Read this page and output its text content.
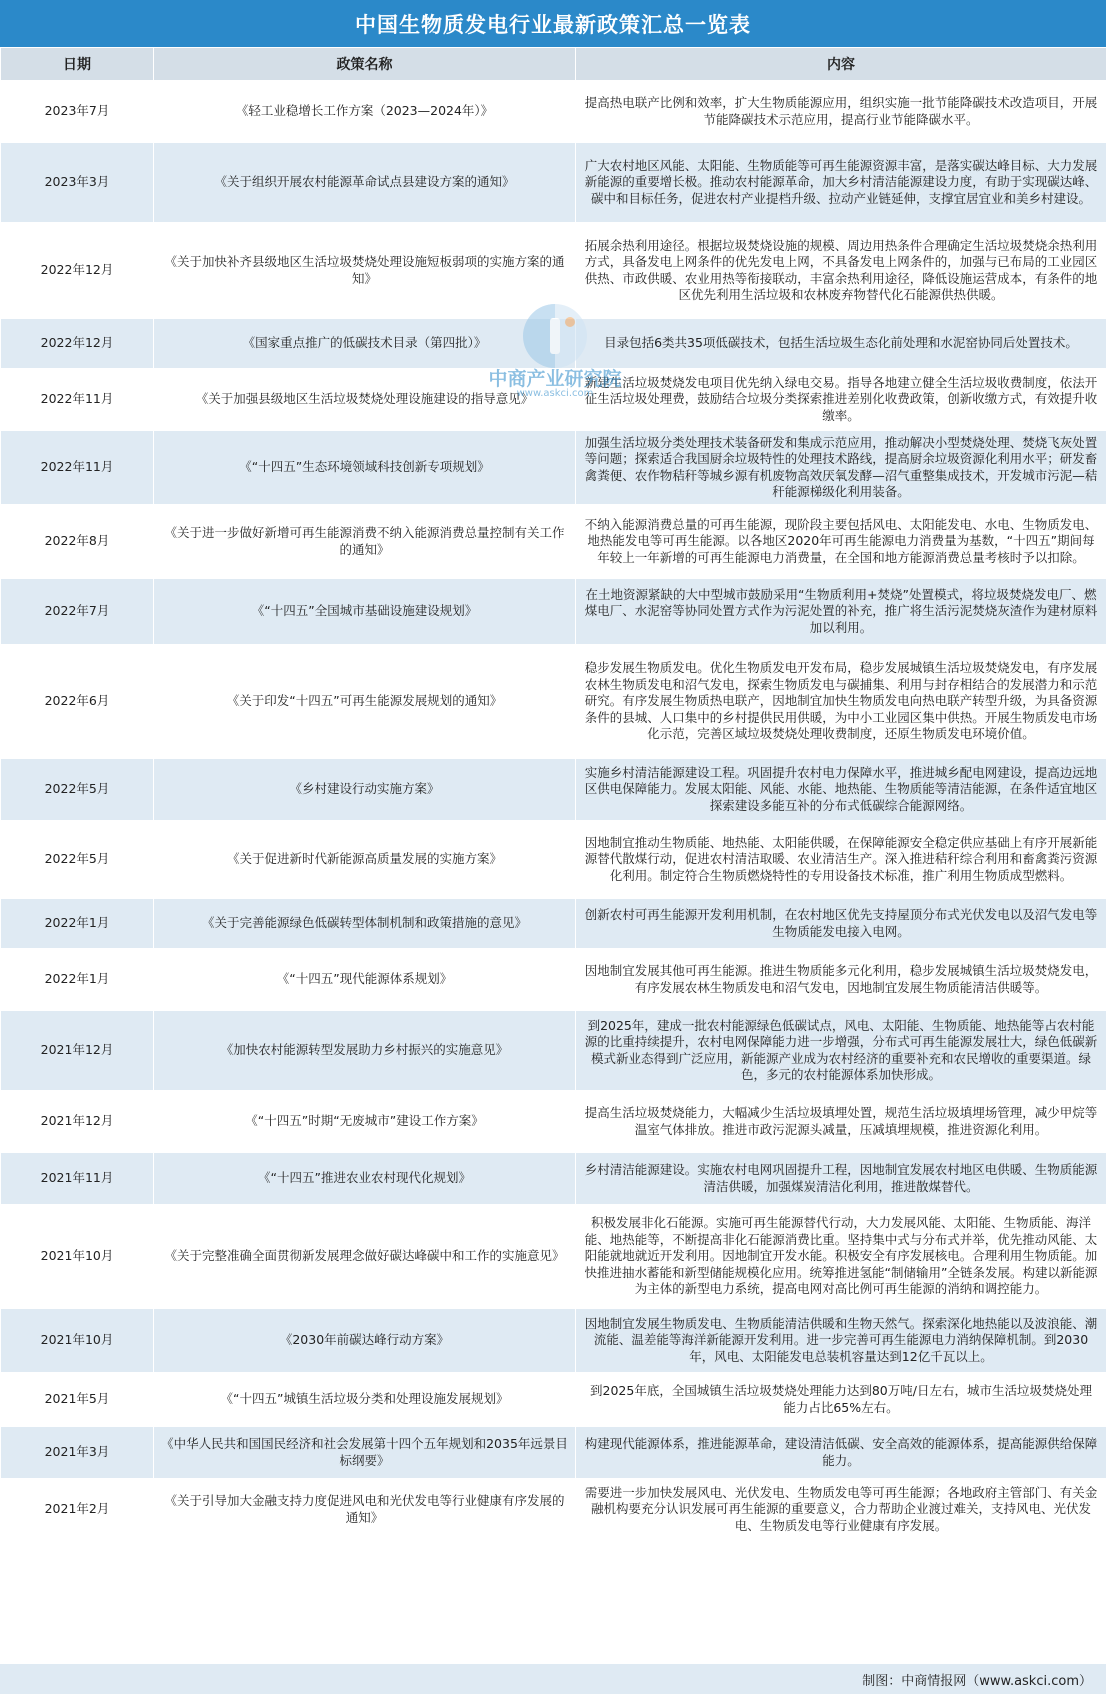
中国生物质发电行业最新政策汇总一览表
日期	政策名称	内容
2023年7月	《轻工业稳增长工作方案（2023—2024年）》	提高热电联产比例和效率，扩大生物质能源应用，组织实施一批节能降碳技术改造项目，开展节能降碳技术示范应用，提高行业节能降碳水平。
2023年3月	《关于组织开展农村能源革命试点县建设方案的通知》	广大农村地区风能、太阳能、生物质能等可再生能源资源丰富，是落实碳达峰目标、大力发展新能源的重要增长极。推动农村能源革命，加大乡村清洁能源建设力度，有助于实现碳达峰、碳中和目标任务，促进农村产业提档升级、拉动产业链延伸，支撑宜居宜业和美乡村建设。
2022年12月	《关于加快补齐县级地区生活垃圾焚烧处理设施短板弱项的实施方案的通知》	拓展余热利用途径。根据垃圾焚烧设施的规模、周边用热条件合理确定生活垃圾焚烧余热利用方式，具备发电上网条件的优先发电上网，不具备发电上网条件的，加强与已布局的工业园区供热、市政供暖、农业用热等衔接联动，丰富余热利用途径，降低设施运营成本，有条件的地区优先利用生活垃圾和农林废弃物替代化石能源供热供暖。
2022年12月	《国家重点推广的低碳技术目录（第四批）》	目录包括6类共35项低碳技术，包括生活垃圾生态化前处理和水泥窑协同后处置技术。
2022年11月	《关于加强县级地区生活垃圾焚烧处理设施建设的指导意见》	新建生活垃圾焚烧发电项目优先纳入绿电交易。指导各地建立健全生活垃圾收费制度，依法开征生活垃圾处理费，鼓励结合垃圾分类探索推进差别化收费政策，创新收缴方式，有效提升收缴率。
2022年11月	《“十四五”生态环境领域科技创新专项规划》	加强生活垃圾分类处理技术装备研发和集成示范应用，推动解决小型焚烧处理、焚烧飞灰处置等问题；探索适合我国厨余垃圾特性的处理技术路线，提高厨余垃圾资源化利用水平；研发畜禽粪便、农作物秸秆等城乡源有机废物高效厌氧发酵—沼气重整集成技术，开发城市污泥—秸秆能源梯级化利用装备。
2022年8月	《关于进一步做好新增可再生能源消费不纳入能源消费总量控制有关工作的通知》	不纳入能源消费总量的可再生能源，现阶段主要包括风电、太阳能发电、水电、生物质发电、地热能发电等可再生能源。以各地区2020年可再生能源电力消费量为基数，“十四五”期间每年较上一年新增的可再生能源电力消费量，在全国和地方能源消费总量考核时予以扣除。
2022年7月	《“十四五”全国城市基础设施建设规划》	在土地资源紧缺的大中型城市鼓励采用“生物质利用+焚烧”处置模式，将垃圾焚烧发电厂、燃煤电厂、水泥窑等协同处置方式作为污泥处置的补充，推广将生活污泥焚烧灰渣作为建材原料加以利用。
2022年6月	《关于印发“十四五”可再生能源发展规划的通知》	稳步发展生物质发电。优化生物质发电开发布局，稳步发展城镇生活垃圾焚烧发电，有序发展农林生物质发电和沼气发电，探索生物质发电与碳捕集、利用与封存相结合的发展潜力和示范研究。有序发展生物质热电联产，因地制宜加快生物质发电向热电联产转型升级，为具备资源条件的县城、人口集中的乡村提供民用供暖，为中小工业园区集中供热。开展生物质发电市场化示范，完善区域垃圾焚烧处理收费制度，还原生物质发电环境价值。
2022年5月	《乡村建设行动实施方案》	实施乡村清洁能源建设工程。巩固提升农村电力保障水平，推进城乡配电网建设，提高边远地区供电保障能力。发展太阳能、风能、水能、地热能、生物质能等清洁能源，在条件适宜地区探索建设多能互补的分布式低碳综合能源网络。
2022年5月	《关于促进新时代新能源高质量发展的实施方案》	因地制宜推动生物质能、地热能、太阳能供暖，在保障能源安全稳定供应基础上有序开展新能源替代散煤行动，促进农村清洁取暖、农业清洁生产。深入推进秸秆综合利用和畜禽粪污资源化利用。制定符合生物质燃烧特性的专用设备技术标准，推广利用生物质成型燃料。
2022年1月	《关于完善能源绿色低碳转型体制机制和政策措施的意见》	创新农村可再生能源开发利用机制，在农村地区优先支持屋顶分布式光伏发电以及沼气发电等生物质能发电接入电网。
2022年1月	《“十四五”现代能源体系规划》	因地制宜发展其他可再生能源。推进生物质能多元化利用，稳步发展城镇生活垃圾焚烧发电，有序发展农林生物质发电和沼气发电，因地制宜发展生物质能清洁供暖等。
2021年12月	《加快农村能源转型发展助力乡村振兴的实施意见》	到2025年，建成一批农村能源绿色低碳试点，风电、太阳能、生物质能、地热能等占农村能源的比重持续提升，农村电网保障能力进一步增强，分布式可再生能源发展壮大，绿色低碳新模式新业态得到广泛应用，新能源产业成为农村经济的重要补充和农民增收的重要渠道。绿色，多元的农村能源体系加快形成。
2021年12月	《“十四五”时期“无废城市”建设工作方案》	提高生活垃圾焚烧能力，大幅减少生活垃圾填埋处置，规范生活垃圾填埋场管理，减少甲烷等温室气体排放。推进市政污泥源头减量，压减填埋规模，推进资源化利用。
2021年11月	《“十四五”推进农业农村现代化规划》	乡村清洁能源建设。实施农村电网巩固提升工程，因地制宜发展农村地区电供暖、生物质能源清洁供暖，加强煤炭清洁化利用，推进散煤替代。
2021年10月	《关于完整准确全面贯彻新发展理念做好碳达峰碳中和工作的实施意见》	积极发展非化石能源。实施可再生能源替代行动，大力发展风能、太阳能、生物质能、海洋能、地热能等，不断提高非化石能源消费比重。坚持集中式与分布式并举，优先推动风能、太阳能就地就近开发利用。因地制宜开发水能。积极安全有序发展核电。合理利用生物质能。加快推进抽水蓄能和新型储能规模化应用。统筹推进氢能“制储输用”全链条发展。构建以新能源为主体的新型电力系统，提高电网对高比例可再生能源的消纳和调控能力。
2021年10月	《2030年前碳达峰行动方案》	因地制宜发展生物质发电、生物质能清洁供暖和生物天然气。探索深化地热能以及波浪能、潮流能、温差能等海洋新能源开发利用。进一步完善可再生能源电力消纳保障机制。到2030年，风电、太阳能发电总装机容量达到12亿千瓦以上。
2021年5月	《“十四五”城镇生活垃圾分类和处理设施发展规划》	到2025年底，全国城镇生活垃圾焚烧处理能力达到80万吨/日左右，城市生活垃圾焚烧处理能力占比65%左右。
2021年3月	《中华人民共和国国民经济和社会发展第十四个五年规划和2035年远景目标纲要》	构建现代能源体系，推进能源革命，建设清洁低碳、安全高效的能源体系，提高能源供给保障能力。
2021年2月	《关于引导加大金融支持力度促进风电和光伏发电等行业健康有序发展的通知》	需要进一步加快发展风电、光伏发电、生物质发电等可再生能源；各地政府主管部门、有关金融机构要充分认识发展可再生能源的重要意义，合力帮助企业渡过难关，支持风电、光伏发电、生物质发电等行业健康有序发展。
中商产业研究院
www.askci.com
制图：中商情报网（www.askci.com）
